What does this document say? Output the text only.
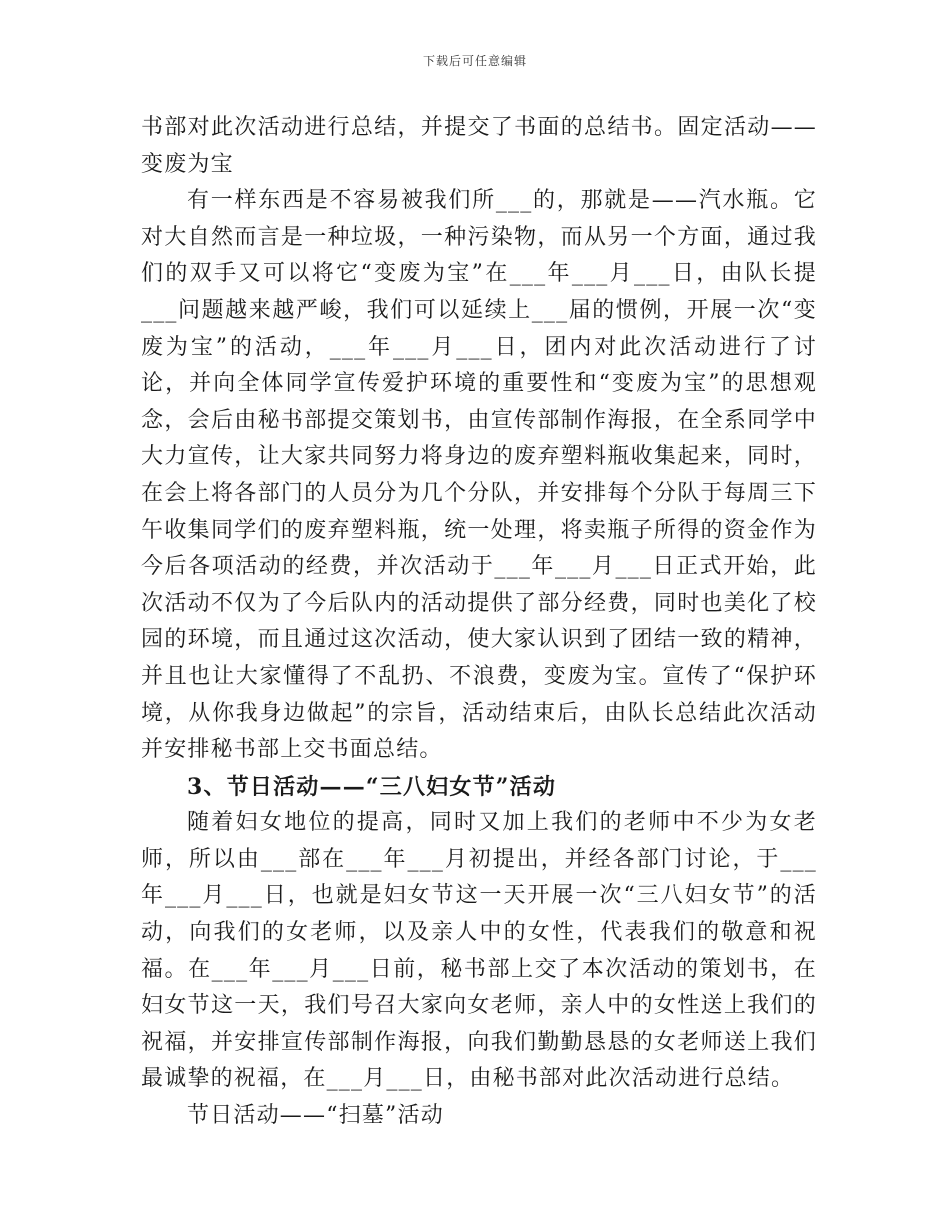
下载后可任意编辑

书部对此次活动进行总结，并提交了书面的总结书。固定活动——变废为宝

有一样东西是不容易被我们所___的，那就是——汽水瓶。它对大自然而言是一种垃圾，一种污染物，而从另一个方面，通过我们的双手又可以将它“变废为宝”在___年___月___日，由队长提___问题越来越严峻，我们可以延续上___届的惯例，开展一次“变废为宝”的活动，___年___月___日，团内对此次活动进行了讨论，并向全体同学宣传爱护环境的重要性和“变废为宝”的思想观念，会后由秘书部提交策划书，由宣传部制作海报，在全系同学中大力宣传，让大家共同努力将身边的废弃塑料瓶收集起来，同时，在会上将各部门的人员分为几个分队，并安排每个分队于每周三下午收集同学们的废弃塑料瓶，统一处理，将卖瓶子所得的资金作为今后各项活动的经费，并次活动于___年___月___日正式开始，此次活动不仅为了今后队内的活动提供了部分经费，同时也美化了校园的环境，而且通过这次活动，使大家认识到了团结一致的精神，并且也让大家懂得了不乱扔、不浪费，变废为宝。宣传了“保护环境，从你我身边做起”的宗旨，活动结束后，由队长总结此次活动并安排秘书部上交书面总结。

3、节日活动——“三八妇女节”活动

随着妇女地位的提高，同时又加上我们的老师中不少为女老师，所以由___部在___年___月初提出，并经各部门讨论，于___年___月___日，也就是妇女节这一天开展一次“三八妇女节”的活动，向我们的女老师，以及亲人中的女性，代表我们的敬意和祝福。在___年___月___日前，秘书部上交了本次活动的策划书，在妇女节这一天，我们号召大家向女老师，亲人中的女性送上我们的祝福，并安排宣传部制作海报，向我们勤勤恳恳的女老师送上我们最诚挚的祝福，在___月___日，由秘书部对此次活动进行总结。

节日活动——“扫墓”活动
